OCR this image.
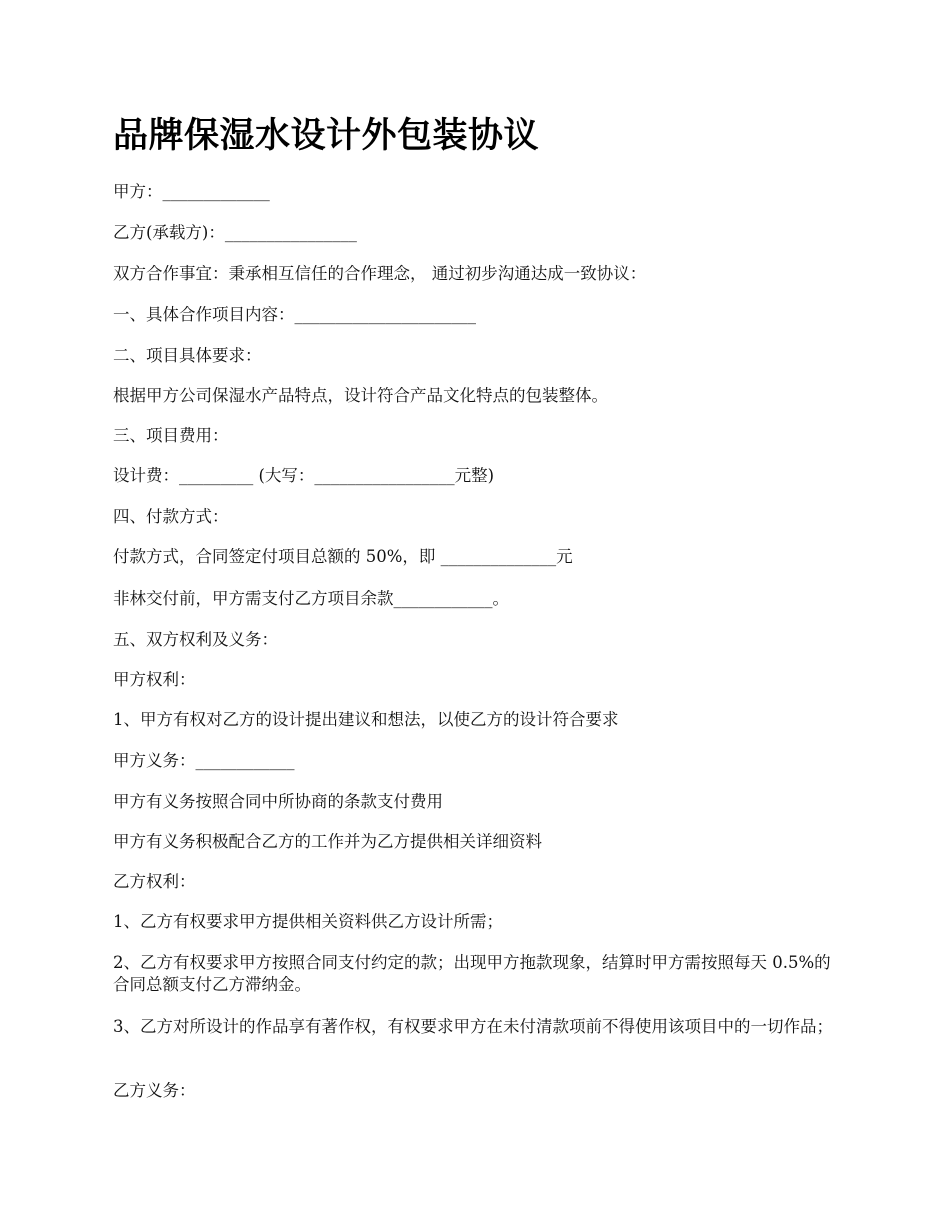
品牌保湿水设计外包装协议

甲方：_____________

乙方(承载方)：________________

双方合作事宜：秉承相互信任的合作理念， 通过初步沟通达成一致协议：

一、具体合作项目内容：______________________

二、项目具体要求：

根据甲方公司保湿水产品特点，设计符合产品文化特点的包装整体。

三、项目费用：

设计费：_________ (大写：_________________元整)

四、付款方式：

付款方式，合同签定付项目总额的 50%，即 ______________元

非林交付前，甲方需支付乙方项目余款____________。

五、双方权利及义务：

甲方权利：

1、甲方有权对乙方的设计提出建议和想法，以使乙方的设计符合要求

甲方义务：____________

甲方有义务按照合同中所协商的条款支付费用

甲方有义务积极配合乙方的工作并为乙方提供相关详细资料

乙方权利：

1、乙方有权要求甲方提供相关资料供乙方设计所需；

2、乙方有权要求甲方按照合同支付约定的款；出现甲方拖款现象，结算时甲方需按照每天 0.5%的合同总额支付乙方滞纳金。

3、乙方对所设计的作品享有著作权，有权要求甲方在未付清款项前不得使用该项目中的一切作品；

乙方义务：
